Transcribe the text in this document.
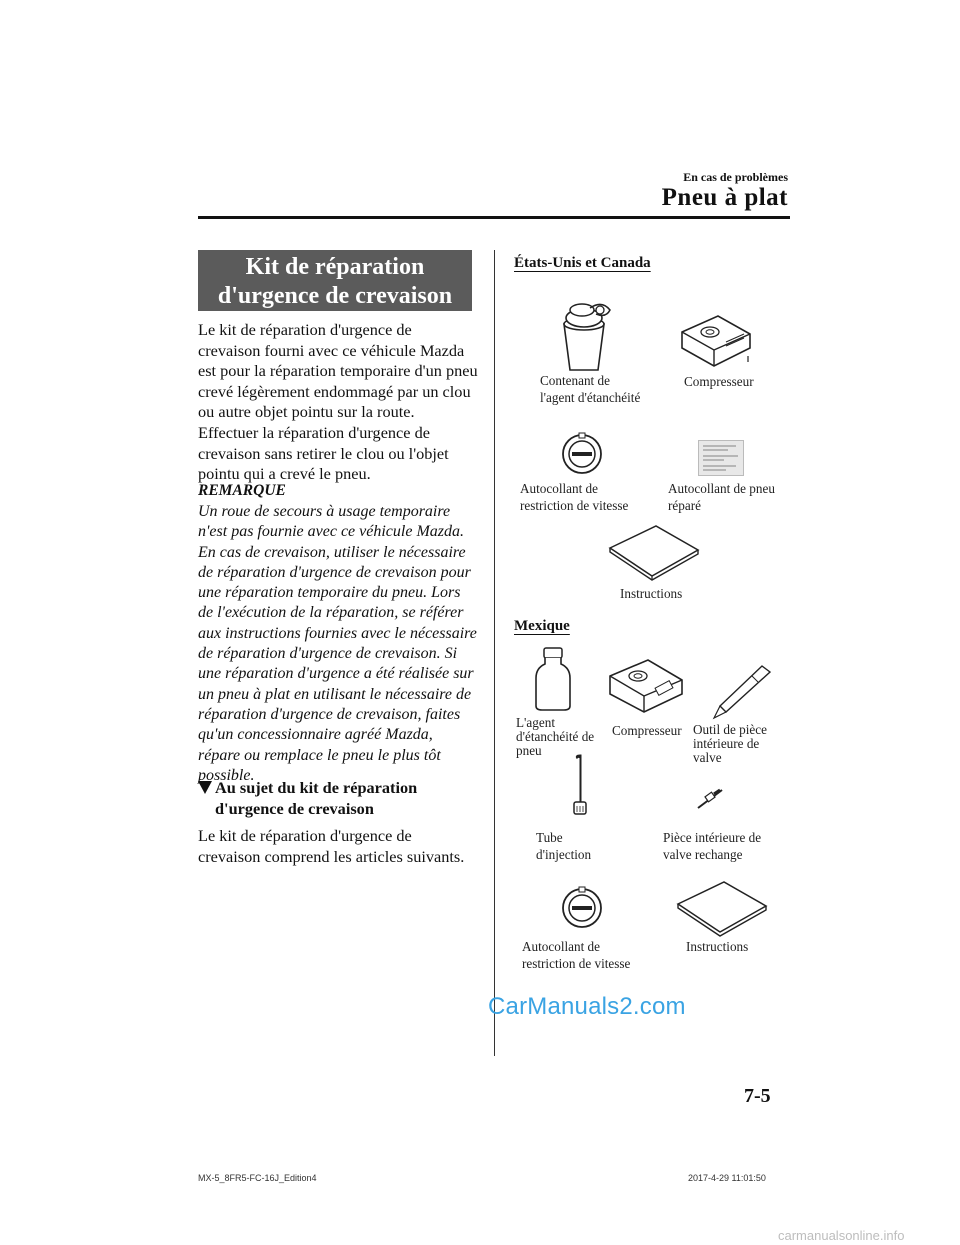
En cas de problèmes
Pneu à plat
Kit de réparation
d'urgence de crevaison
Le kit de réparation d'urgence de crevaison fourni avec ce véhicule Mazda est pour la réparation temporaire d'un pneu crevé légèrement endommagé par un clou ou autre objet pointu sur la route.
Effectuer la réparation d'urgence de crevaison sans retirer le clou ou l'objet pointu qui a crevé le pneu.
REMARQUE
Un roue de secours à usage temporaire n'est pas fournie avec ce véhicule Mazda. En cas de crevaison, utiliser le nécessaire de réparation d'urgence de crevaison pour une réparation temporaire du pneu. Lors de l'exécution de la réparation, se référer aux instructions fournies avec le nécessaire de réparation d'urgence de crevaison. Si une réparation d'urgence a été réalisée sur un pneu à plat en utilisant le nécessaire de réparation d'urgence de crevaison, faites qu'un concessionnaire agréé Mazda, répare ou remplace le pneu le plus tôt possible.
Au sujet du kit de réparation
d'urgence de crevaison
Le kit de réparation d'urgence de crevaison comprend les articles suivants.
États-Unis et Canada
Contenant de
l'agent d'étanchéité
Compresseur
Autocollant de
restriction de vitesse
Autocollant de pneu
réparé
Instructions
Mexique
L'agent
d'étanchéité de
pneu
Compresseur Outil de pièce
intérieure de
valve
Tube
d'injection
Pièce intérieure de
valve rechange
Autocollant de
restriction de vitesse
Instructions
CarManuals2.com
7-5
MX-5_8FR5-FC-16J_Edition4	2017-4-29 11:01:50
carmanualsonline.info
